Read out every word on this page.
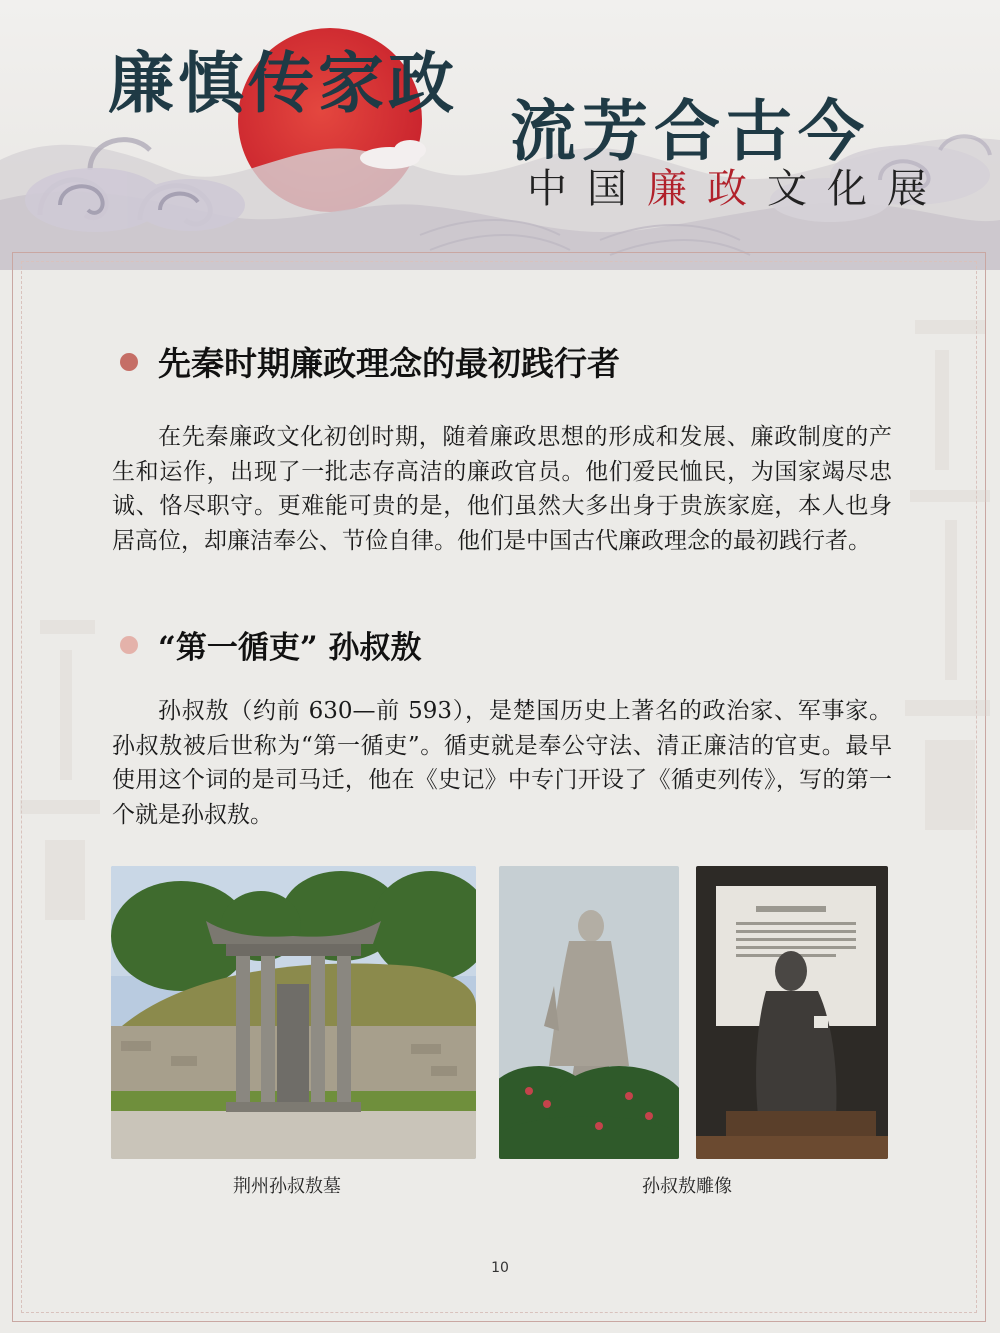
廉慎传家政
流芳合古今
中 国 廉 政 文 化 展
先秦时期廉政理念的最初践行者
在先秦廉政文化初创时期，随着廉政思想的形成和发展、廉政制度的产生和运作，出现了一批志存高洁的廉政官员。他们爱民恤民，为国家竭尽忠诚、恪尽职守。更难能可贵的是，他们虽然大多出身于贵族家庭，本人也身居高位，却廉洁奉公、节俭自律。他们是中国古代廉政理念的最初践行者。
“第一循吏” 孙叔敖
孙叔敖（约前 630—前 593），是楚国历史上著名的政治家、军事家。孙叔敖被后世称为“第一循吏”。循吏就是奉公守法、清正廉洁的官吏。最早使用这个词的是司马迁，他在《史记》中专门开设了《循吏列传》，写的第一个就是孙叔敖。
荆州孙叔敖墓	孙叔敖雕像
10
